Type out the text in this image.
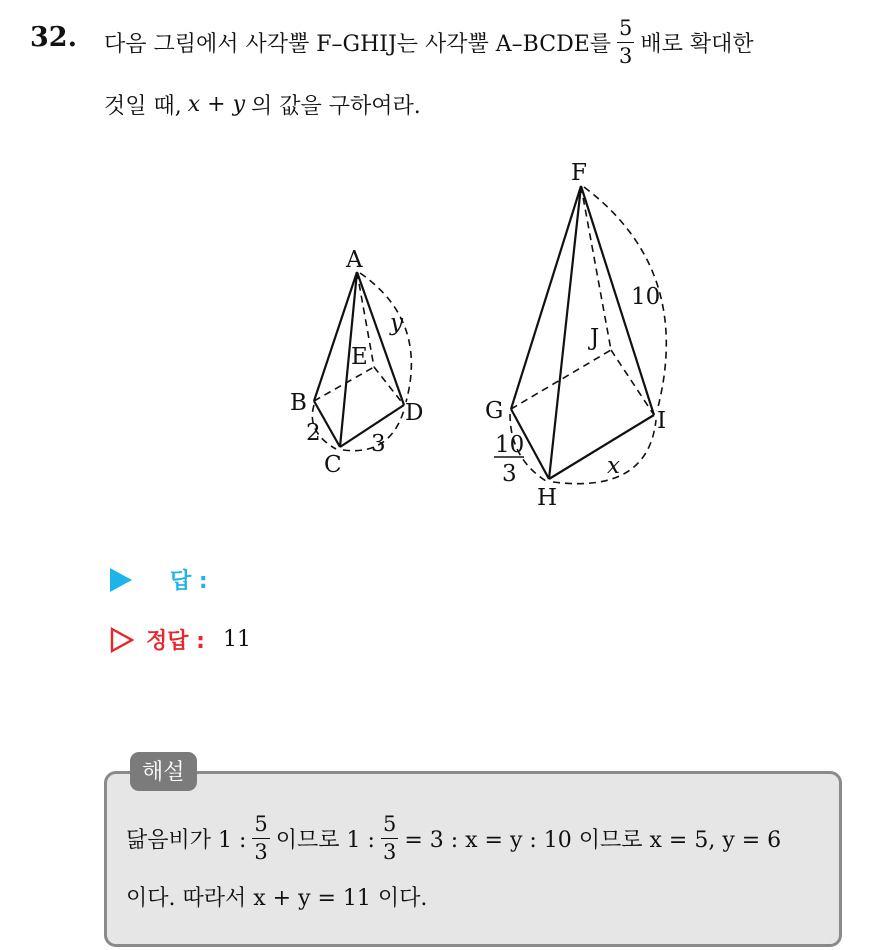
32. 다음 그림에서 사각뿔 F–GHIJ는 사각뿔 A–BCDE를 $\frac{5}{3}$ 배로 확대한
것일 때, x + y 의 값을 구하여라.
A
B
C
D
E
2 3
y
F
G
H
I
J
10
10
3	x
답 :
정답 : 11
해설
닮음비가 1 : $\frac{5}{3}$ 이므로 1 : $\frac{5}{3} = 3$ : x = y : 10 이므로 x = 5, y = 6
이다. 따라서 x + y = 11 이다.
